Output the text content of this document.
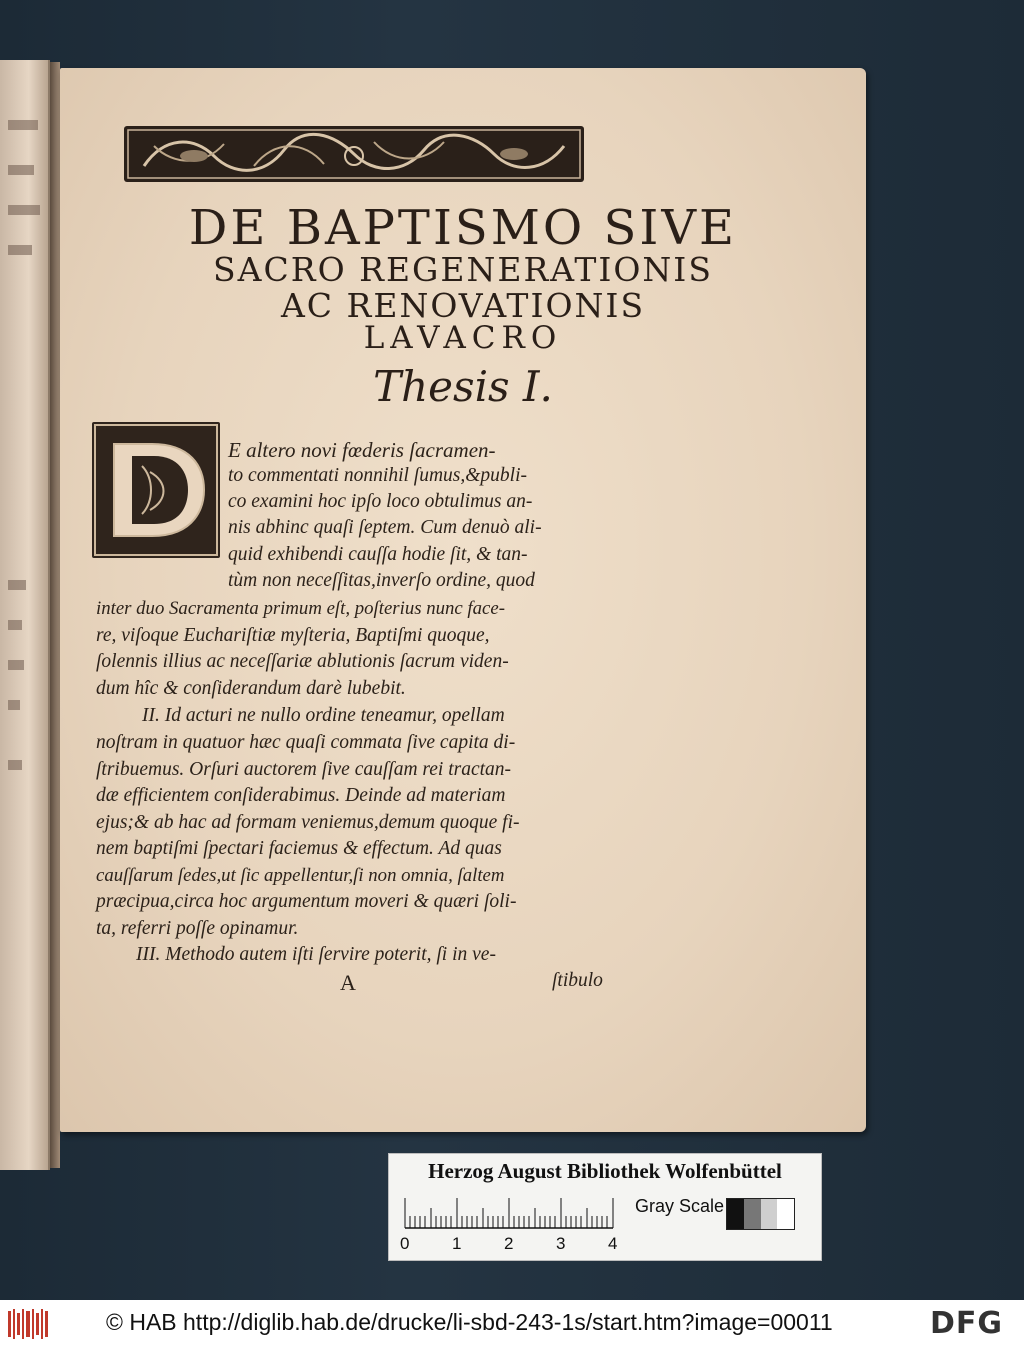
DE BAPTISMO SIVE
SACRO REGENERATIONIS
AC RENOVATIONIS
LAVACRO
Thesis I.
E altero novi fœderis ſacramen-
to commentati nonnihil ſumus,&publi-
co examini hoc ipſo loco obtulimus an-
nis abhinc quaſi ſeptem. Cum denuò ali-
quid exhibendi cauſſa hodie ſit, & tan-
tùm non neceſſitas,inverſo ordine, quod
inter duo Sacramenta primum eſt, poſterius nunc face-
re, viſoque Euchariſtiæ myſteria, Baptiſmi quoque,
ſolennis illius ac neceſſariæ ablutionis ſacrum viden-
dum hîc & conſiderandum darè lubebit.
II. Id acturi ne nullo ordine teneamur, opellam
noſtram in quatuor hæc quaſi commata ſive capita di-
ſtribuemus. Orſuri auctorem ſive cauſſam rei tractan-
dæ efficientem conſiderabimus. Deinde ad materiam
ejus;& ab hac ad formam veniemus,demum quoque fi-
nem baptiſmi ſpectari faciemus & effectum. Ad quas
cauſſarum ſedes,ut ſic appellentur,ſi non omnia, ſaltem
præcipua,circa hoc argumentum moveri & quæri ſoli-
ta, referri poſſe opinamur.
III. Methodo autem iſti ſervire poterit, ſi in ve-
A	ſtibulo
Herzog August Bibliothek Wolfenbüttel
0	1	2	3	4
Gray Scale
© HAB http://diglib.hab.de/drucke/li-sbd-243-1s/start.htm?image=00011	DFG
